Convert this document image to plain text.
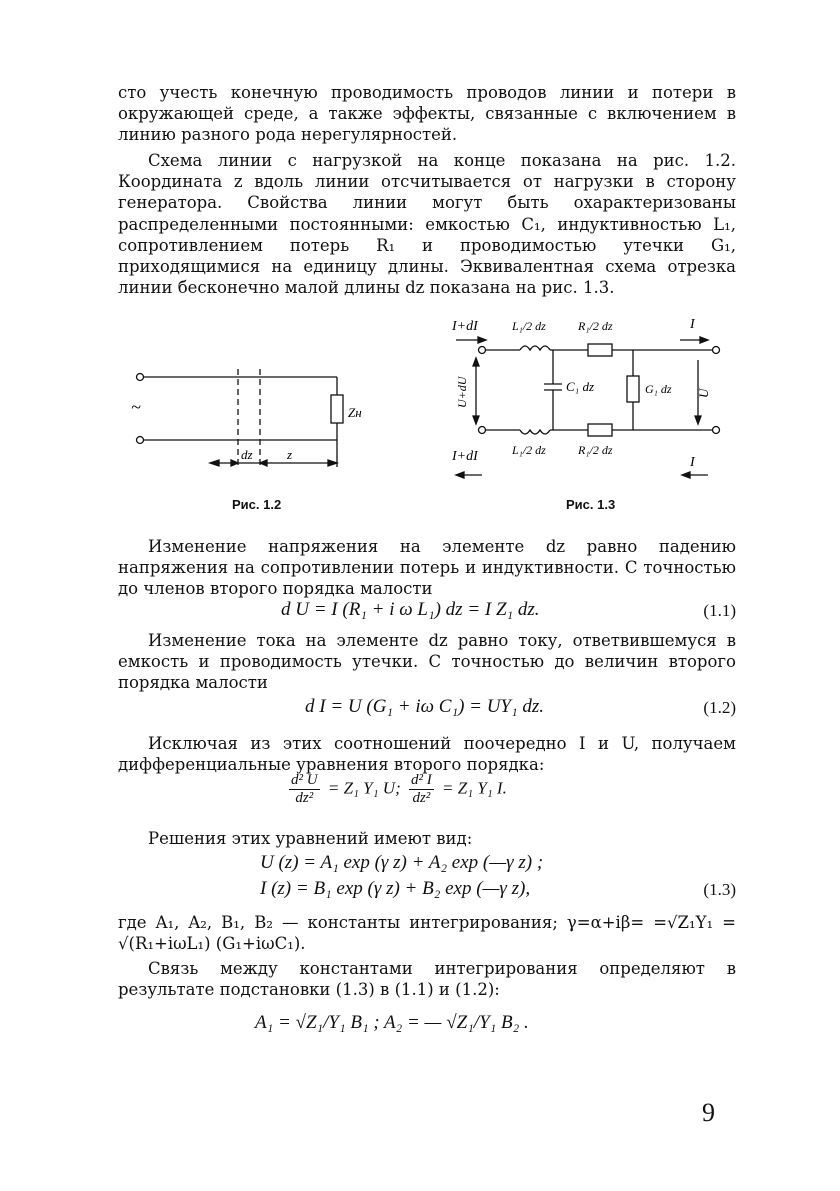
сто учесть конечную проводимость проводов линии и потери в окружающей среде, а также эффекты, связанные с включением в линию разного рода нерегулярностей.

Схема линии с нагрузкой на конце показана на рис. 1.2. Координата z вдоль линии отсчитывается от нагрузки в сторону генератора. Свойства линии могут быть охарактеризованы распределенными постоянными: емкостью C₁, индуктивностью L₁, сопротивлением потерь R₁ и проводимостью утечки G₁, приходящимися на единицу длины. Эквивалентная схема отрезка линии бесконечно малой длины dz показана на рис. 1.3.

~	Zн
dz	z
I+dI	L₁/2 dz	R₁/2 dz	I
U+dU	C₁ dz	G₁ dz U
I+dI	L₁/2 dz	R₁/2 dz
I
Рис. 1.2	Рис. 1.3

Изменение напряжения на элементе dz равно падению напряжения на сопротивлении потерь и индуктивности. С точностью до членов второго порядка малости

d U = I (R₁ + i ω L₁) dz = I Z₁ dz.	(1.1)

Изменение тока на элементе dz равно току, ответвившемуся в емкость и проводимость утечки. С точностью до величин второго порядка малости

d I = U (G₁ + iω C₁) = UY₁ dz.	(1.2)

Исключая из этих соотношений поочередно I и U, получаем дифференциальные уравнения второго порядка:

$\frac{\text{d² U}}{\text{dz²}} = Z_1$ Y₁ U; $\frac{\text{d² I}}{\text{dz²}} = Z_1$ Y₁ I.

Решения этих уравнений имеют вид:

U (z) = A₁ exp (γ z) + A₂ exp (—γ z) ;
I (z) = B₁ exp (γ z) + B₂ exp (—γ z),	(1.3)

где A₁, A₂, B₁, B₂ — константы интегрирования; γ=α+iβ= =√Z₁Y₁ = √(R₁+iωL₁) (G₁+iωC₁).

Связь между константами интегрирования определяют в результате подстановки (1.3) в (1.1) и (1.2):

A₁ = √Z₁/Y₁ B₁ ; A₂ = — √Z₁/Y₁ B₂ .
9
